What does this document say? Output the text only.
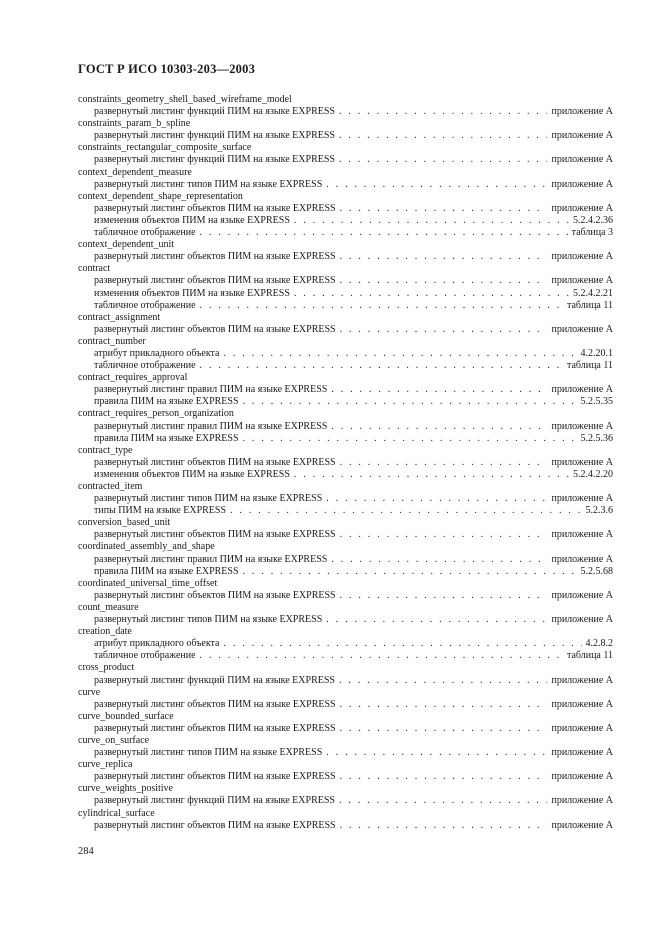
ГОСТ Р ИСО 10303-203—2003
constraints_geometry_shell_based_wireframe_model
развернутый листинг функций ПИМ на языке EXPRESS . . .	приложение А
constraints_param_b_spline
развернутый листинг функций ПИМ на языке EXPRESS . . .	приложение А
constraints_rectangular_composite_surface
развернутый листинг функций ПИМ на языке EXPRESS . . .	приложение А
context_dependent_measure
развернутый листинг типов ПИМ на языке EXPRESS . . .	приложение А
context_dependent_shape_representation
развернутый листинг объектов ПИМ на языке EXPRESS . . .	приложение А
изменения объектов ПИМ на языке EXPRESS . . .	5.2.4.2.36
табличное отображение . . .	таблица 3
context_dependent_unit
развернутый листинг объектов ПИМ на языке EXPRESS . . .	приложение А
contract
развернутый листинг объектов ПИМ на языке EXPRESS . . .	приложение А
изменения объектов ПИМ на языке EXPRESS . . .	5.2.4.2.21
табличное отображение . . .	таблица 11
contract_assignment
развернутый листинг объектов ПИМ на языке EXPRESS . . .	приложение А
contract_number
атрибут прикладного объекта . . .	4.2.20.1
табличное отображение . . .	таблица 11
contract_requires_approval
развернутый листинг правил ПИМ на языке EXPRESS . . .	приложение А
правила ПИМ на языке EXPRESS . . .	5.2.5.35
contract_requires_person_organization
развернутый листинг правил ПИМ на языке EXPRESS . . .	приложение А
правила ПИМ на языке EXPRESS . . .	5.2.5.36
contract_type
развернутый листинг объектов ПИМ на языке EXPRESS . . .	приложение А
изменения объектов ПИМ на языке EXPRESS . . .	5.2.4.2.20
contracted_item
развернутый листинг типов ПИМ на языке EXPRESS . . .	приложение А
типы ПИМ на языке EXPRESS . . .	5.2.3.6
conversion_based_unit
развернутый листинг объектов ПИМ на языке EXPRESS . . .	приложение А
coordinated_assembly_and_shape
развернутый листинг правил ПИМ на языке EXPRESS . . .	приложение А
правила ПИМ на языке EXPRESS . . .	5.2.5.68
coordinated_universal_time_offset
развернутый листинг объектов ПИМ на языке EXPRESS . . .	приложение А
count_measure
развернутый листинг типов ПИМ на языке EXPRESS . . .	приложение А
creation_date
атрибут прикладного объекта . . .	4.2.8.2
табличное отображение . . .	таблица 11
cross_product
развернутый листинг функций ПИМ на языке EXPRESS . . .	приложение А
curve
развернутый листинг объектов ПИМ на языке EXPRESS . . .	приложение А
curve_bounded_surface
развернутый листинг объектов ПИМ на языке EXPRESS . . .	приложение А
curve_on_surface
развернутый листинг типов ПИМ на языке EXPRESS . . .	приложение А
curve_replica
развернутый листинг объектов ПИМ на языке EXPRESS . . .	приложение А
curve_weights_positive
развернутый листинг функций ПИМ на языке EXPRESS . . .	приложение А
cylindrical_surface
развернутый листинг объектов ПИМ на языке EXPRESS . . .	приложение А
284
